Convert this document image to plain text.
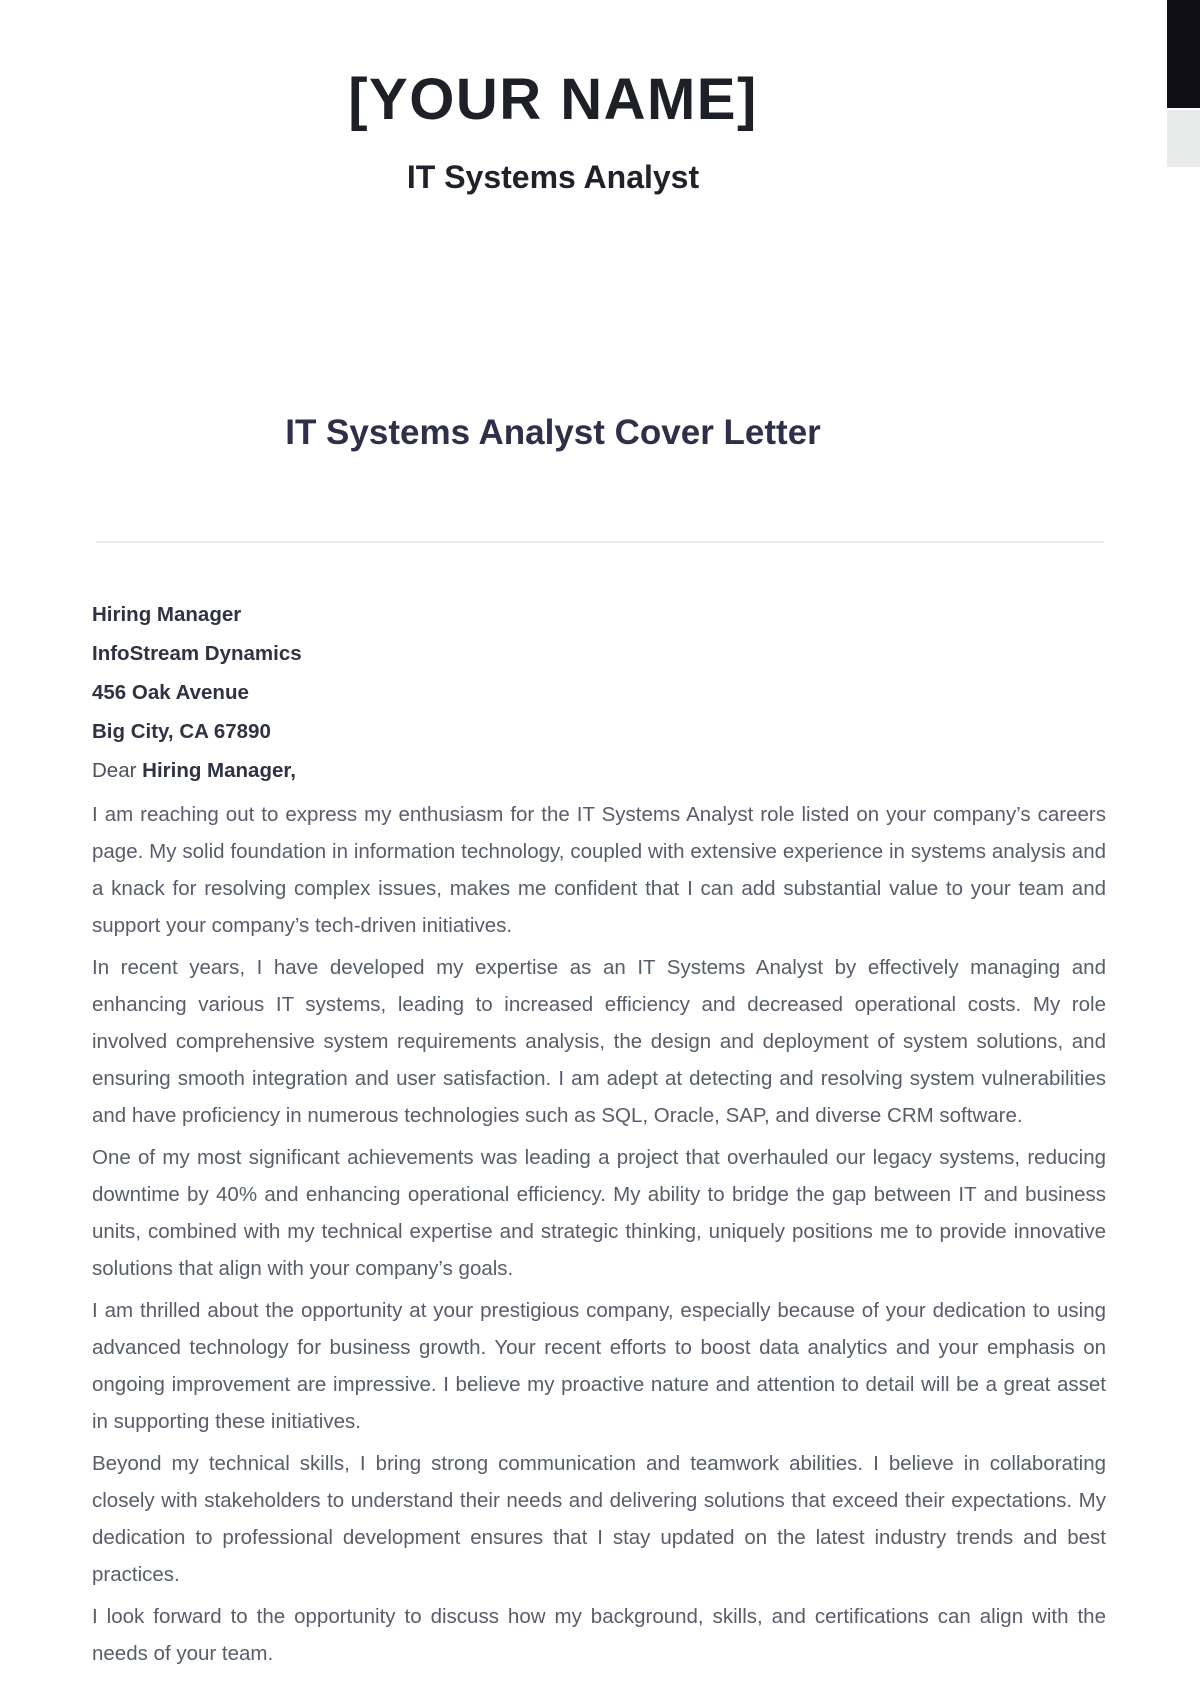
[YOUR NAME]
IT Systems Analyst
IT Systems Analyst Cover Letter
Hiring Manager
InfoStream Dynamics
456 Oak Avenue
Big City, CA 67890
Dear Hiring Manager,

I am reaching out to express my enthusiasm for the IT Systems Analyst role listed on your company’s careers page. My solid foundation in information technology, coupled with extensive experience in systems analysis and a knack for resolving complex issues, makes me confident that I can add substantial value to your team and support your company’s tech-driven initiatives.

In recent years, I have developed my expertise as an IT Systems Analyst by effectively managing and enhancing various IT systems, leading to increased efficiency and decreased operational costs. My role involved comprehensive system requirements analysis, the design and deployment of system solutions, and ensuring smooth integration and user satisfaction. I am adept at detecting and resolving system vulnerabilities and have proficiency in numerous technologies such as SQL, Oracle, SAP, and diverse CRM software.

One of my most significant achievements was leading a project that overhauled our legacy systems, reducing downtime by 40% and enhancing operational efficiency. My ability to bridge the gap between IT and business units, combined with my technical expertise and strategic thinking, uniquely positions me to provide innovative solutions that align with your company’s goals.

I am thrilled about the opportunity at your prestigious company, especially because of your dedication to using advanced technology for business growth. Your recent efforts to boost data analytics and your emphasis on ongoing improvement are impressive. I believe my proactive nature and attention to detail will be a great asset in supporting these initiatives.

Beyond my technical skills, I bring strong communication and teamwork abilities. I believe in collaborating closely with stakeholders to understand their needs and delivering solutions that exceed their expectations. My dedication to professional development ensures that I stay updated on the latest industry trends and best practices.

I look forward to the opportunity to discuss how my background, skills, and certifications can align with the needs of your team.
